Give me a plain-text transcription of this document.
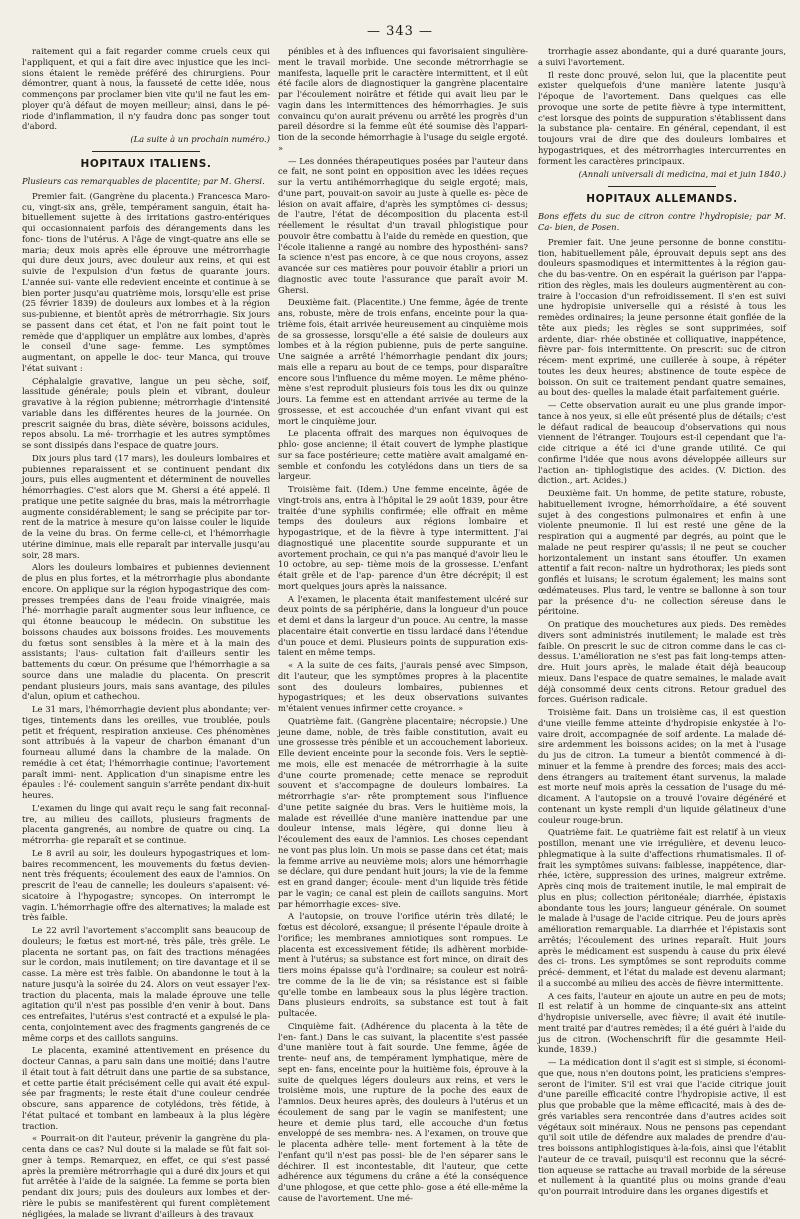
— 343 —

raitement qui a fait regarder comme cruels ceux qui l'appliquent, et qui a fait dire avec injustice que les inci- sions étaient le remède préféré des chirurgiens. Pour démontrer, quant à nous, la fausseté de cette idée, nous commençons par proclamer bien vite qu'il ne faut les em- ployer qu'à défaut de moyen meilleur; ainsi, dans le pé- riode d'inflammation, il n'y faudra donc pas songer tout d'abord.

(La suite à un prochain numéro.)
HOPITAUX ITALIENS.
Plusieurs cas remarquables de placentite; par M. Ghersi.

Premier fait. (Gangrène du placenta.) Francesca Maro- cu, vingt-six ans, grêle, tempérament sanguin, était ha- bituellement sujette à des irritations gastro-entériques qui occasionnaient parfois des dérangements dans les fonc- tions de l'utérus. A l'âge de vingt-quatre ans elle se maria; deux mois après elle éprouve une métrorrhagie qui dure deux jours, avec douleur aux reins, et qui est suivie de l'expulsion d'un fœtus de quarante jours. L'année sui- vante elle redevient enceinte et continue à se bien porter jusqu'au quatrième mois, lorsqu'elle est prise (25 février 1839) de douleurs aux lombes et à la région sus-pubienne, et bientôt après de métrorrhagie. Six jours se passent dans cet état, et l'on ne fait point tout le remède que d'appliquer un emplâtre aux lombes, d'après le conseil d'une sage- femme. Les symptômes augmentant, on appelle le doc- teur Manca, qui trouve l'état suivant :

Céphalalgie gravative, langue un peu sèche, soif, lassitude générale; pouls plein et vibrant, douleur gravative à la région pubienne; métrorrhagie d'intensité variable dans les différentes heures de la journée. On prescrit saignée du bras, diète sévère, boissons acidules, repos absolu. La mé- trorrhagie et les autres symptômes se sont dissipés dans l'espace de quatre jours.

Dix jours plus tard (17 mars), les douleurs lombaires et pubiennes reparaissent et se continuent pendant dix jours, puis elles augmentent et déterminent de nouvelles hémorrhagies. C'est alors que M. Ghersi a été appelé. Il pratique une petite saignée du bras, mais la métrorrhagie augmente considérablement; le sang se précipite par tor- rent de la matrice à mesure qu'on laisse couler le liquide de la veine du bras. On ferme celle-ci, et l'hémorrhagie utérine diminue, mais elle reparaît par intervalle jusqu'au soir, 28 mars.

Alors les douleurs lombaires et pubiennes deviennent de plus en plus fortes, et la métrorrhagie plus abondante encore. On applique sur la région hypogastrique des com- presses trempées dans de l'eau froide vinaigrée, mais l'hé- morrhagie paraît augmenter sous leur influence, ce qui étonne beaucoup le médecin. On substitue les boissons chaudes aux boissons froides. Les mouvements du fœtus sont sensibles à la mère et à la main des assistants; l'aus- cultation fait d'ailleurs sentir les battements du cœur. On présume que l'hémorrhagie a sa source dans une maladie du placenta. On prescrit pendant plusieurs jours, mais sans avantage, des pilules d'alun, opium et cathechou.

Le 31 mars, l'hémorrhagie devient plus abondante; ver- tiges, tintements dans les oreilles, vue troublée, pouls petit et fréquent, respiration anxieuse. Ces phénomènes sont attribués à la vapeur de charbon émanant d'un fourneau allumé dans la chambre de la malade. On remédie à cet état; l'hémorrhagie continue; l'avortement paraît immi- nent. Application d'un sinapisme entre les épaules : l'é- coulement sanguin s'arrête pendant dix-huit heures.

L'examen du linge qui avait reçu le sang fait reconnaî- tre, au milieu des caillots, plusieurs fragments de placenta gangrenés, au nombre de quatre ou cinq. La métrorrha- gie reparaît et se continue.

Le 8 avril au soir, les douleurs hypogastriques et lom- baires recommencent, les mouvements du fœtus devien- nent très fréquents; écoulement des eaux de l'amnios. On prescrit de l'eau de cannelle; les douleurs s'apaisent: vé- sicatoire à l'hypogastre; syncopes. On interrompt le vagin. L'hémorrhagie offre des alternatives; la malade est très faible.

Le 22 avril l'avortement s'accomplit sans beaucoup de douleurs; le fœtus est mort-né, très pâle, très grêle. Le placenta ne sortant pas, on fait des tractions ménagées sur le cordon, mais inutilement; on tire davantage et il se casse. La mère est très faible. On abandonne le tout à la nature jusqu'à la soirée du 24. Alors on veut essayer l'ex- traction du placenta, mais la malade éprouve une telle agitation qu'il n'est pas possible d'en venir à bout. Dans ces entrefaites, l'utérus s'est contracté et a expulsé le pla- centa, conjointement avec des fragments gangrenés de ce même corps et des caillots sanguins.

Le placenta, examiné attentivement en présence du docteur Cannas, a paru sain dans une moitié; dans l'autre il était tout à fait détruit dans une partie de sa substance, et cette partie était précisément celle qui avait été expul- sée par fragments; le reste était d'une couleur cendrée obscure, sans apparence de cotylédons, très fétide, à l'état pultacé et tombant en lambeaux à la plus légère traction.

« Pourrait-on dit l'auteur, prévenir la gangrène du pla- centa dans ce cas? Nul doute si la malade se fût fait soi- gner à temps. Remarquez, en effet, ce qui s'est passé après la première métrorrhagie qui a duré dix jours et qui fut arrêtée à l'aide de la saignée. La femme se porta bien pendant dix jours; puis des douleurs aux lombes et der- rière le pubis se manifestèrent qui furent complètement négligées, la malade se livrant d'ailleurs à des travaux

pénibles et à des influences qui favorisaient singulière- ment le travail morbide. Une seconde métrorrhagie se manifesta, laquelle prit le caractère intermittent, et il eût été facile alors de diagnostiquer la gangrène placentaire par l'écoulement noirâtre et fétide qui avait lieu par le vagin dans les intermittences des hémorrhagies. Je suis convaincu qu'on aurait prévenu ou arrêté les progrès d'un pareil désordre si la femme eût été soumise dès l'appari- tion de la seconde hémorrhagie à l'usage du seigle ergoté. »

— Les données thérapeutiques posées par l'auteur dans ce fait, ne sont point en opposition avec les idées reçues sur la vertu antihémorrhagique du seigle ergoté; mais, d'une part, pouvait-on savoir au juste à quelle es- pèce de lésion on avait affaire, d'après les symptômes ci- dessus; de l'autre, l'état de décomposition du placenta est-il réellement le résultat d'un travail phlogistique pour pouvoir être combattu à l'aide du remède en question, que l'école italienne a rangé au nombre des hyposthéni- sans? Ia science n'est pas encore, à ce que nous croyons, assez avancée sur ces matières pour pouvoir établir a priori un diagnostic avec toute l'assurance que paraît avoir M. Ghersi.

Deuxième fait. (Placentite.) Une femme, âgée de trente ans, robuste, mère de trois enfans, enceinte pour la qua- trième fois, était arrivée heureusement au cinquième mois de sa grossesse, lorsqu'elle a été saisie de douleurs aux lombes et à la région pubienne, puis de perte sanguine. Une saignée a arrêté l'hémorrhagie pendant dix jours; mais elle a reparu au bout de ce temps, pour disparaître encore sous l'influence du même moyen. Le même phéno- mène s'est reproduit plusieurs fois tous les dix ou quinze jours. La femme est en attendant arrivée au terme de la grossesse, et est accouchée d'un enfant vivant qui est mort le cinquième jour.

Le placenta offrait des marques non équivoques de phlo- gose ancienne; il était couvert de lymphe plastique sur sa face postérieure; cette matière avait amalgamé en- semble et confondu les cotylédons dans un tiers de sa largeur.

Troisième fait. (Idem.) Une femme enceinte, âgée de vingt-trois ans, entra à l'hôpital le 29 août 1839, pour être traitée d'une syphilis confirmée; elle offrait en même temps des douleurs aux régions lombaire et hypogastrique, et de la fièvre à type intermittent. J'ai diagnostiqué une placentite sourde suppurante et un avortement prochain, ce qui n'a pas manqué d'avoir lieu le 10 octobre, au sep- tième mois de la grossesse. L'enfant était grêle et de l'ap- parence d'un être décrépit; il est mort quelques jours après la naissance.

A l'examen, le placenta était manifestement ulcéré sur deux points de sa périphérie, dans la longueur d'un pouce et demi et dans la largeur d'un pouce. Au centre, la masse placentaire était convertie en tissu lardacé dans l'étendue d'un pouce et demi. Plusieurs points de suppuration exis- taient en même temps.

« A la suite de ces faits, j'aurais pensé avec Simpson, dit l'auteur, que les symptômes propres à la placentite sont des douleurs lombaires, pubiennes et hypogastriques; et les deux observations suivantes m'étaient venues infirmer cette croyance. »

Quatrième fait. (Gangrène placentaire; nécropsie.) Une jeune dame, noble, de très faible constitution, avait eu une grossesse très pénible et un accouchement laborieux. Elle devient enceinte pour la seconde fois. Vers le septiè- me mois, elle est menacée de métrorrhagie à la suite d'une courte promenade; cette menace se reproduit souvent et s'accompagne de douleurs lombaires. La métrorrhagie s'ar- rête promptement sous l'influence d'une petite saignée du bras. Vers le huitième mois, la malade est réveillée d'une manière inattendue par une douleur intense, mais légère, qui donne lieu à l'écoulement des eaux de l'amnios. Les choses cependant ne vont pas plus loin. Un mois se passe dans cet état; mais la femme arrive au neuvième mois; alors une hémorrhagie se déclare, qui dure pendant huit jours; la vie de la femme est en grand danger; écoule- ment d'un liquide très fétide par le vagin; ce canal est plein de caillots sanguins. Mort par hémorrhagie exces- sive.

A l'autopsie, on trouve l'orifice utérin très dilaté; le fœtus est décoloré, exsangue; il présente l'épaule droite à l'orifice; les membranes amniotiques sont rompues. Le placenta est excessivement fétide; ils adhèrent morbide- ment à l'utérus; sa substance est fort mince, on dirait des tiers moins épaisse qu'à l'ordinaire; sa couleur est noirâ- tre comme de la lie de vin; sa résistance est si faible qu'elle tombe en lambeaux sous la plus légère traction. Dans plusieurs endroits, sa substance est tout à fait pultacée.

Cinquième fait. (Adhérence du placenta à la tête de l'en- fant.) Dans le cas suivant, la placentite s'est passée d'une manière tout à fait sourde. Une femme, âgée de trente- neuf ans, de tempérament lymphatique, mère de sept en- fans, enceinte pour la huitième fois, éprouve à la suite de quelques légers douleurs aux reins, et vers le troisième mois, une rupture de la poche des eaux de l'amnios. Deux heures après, des douleurs à l'utérus et un écoulement de sang par le vagin se manifestent; une heure et demie plus tard, elle accouche d'un fœtus enveloppé de ses membra- nes. A l'examen, on trouve que le placenta adhère telle- ment fortement à la tête de l'enfant qu'il n'est pas possi- ble de l'en séparer sans le déchirer. Il est incontestable, dit l'auteur, que cette adhérence aux tégumens du crâne a été la conséquence d'une phlogose, et que cette phlo- gose a été elle-même la cause de l'avortement. Une mé-

trorrhagie assez abondante, qui a duré quarante jours, a suivi l'avortement.

Il reste donc prouvé, selon lui, que la placentite peut exister quelquefois d'une manière latente jusqu'à l'époque de l'avortement. Dans quelques cas elle provoque une sorte de petite fièvre à type intermittent, c'est lorsque des points de suppuration s'établissent dans la substance pla- centaire. En général, cependant, il est toujours vrai de dire que des douleurs lombaires et hypogastriques, et des métrorrhagies intercurrentes en forment les caractères principaux.

(Annali universali di medicina, mai et juin 1840.)
HOPITAUX ALLEMANDS.
Bons effets du suc de citron contre l'hydropisie; par M. Ca- bien, de Posen.

Premier fait. Une jeune personne de bonne constitu- tion, habituellement pâle, éprouvait depuis sept ans des douleurs spasmodiques et intermittentes à la région gau- che du bas-ventre. On en espérait la guérison par l'appa- rition des règles, mais les douleurs augmentèrent au con- traire à l'occasion d'un refroidissement. Il s'en est suivi une hydropisie universelle qui a résisté à tous les remèdes ordinaires; la jeune personne était gonflée de la tête aux pieds; les règles se sont supprimées, soif ardente, diar- rhée obstinée et colliquative, inappétence, fièvre par- fois intermittente. On prescrit: suc de citron récem- ment exprimé, une cuillerée à soupe, à répéter toutes les deux heures; abstinence de toute espèce de boisson. On suit ce traitement pendant quatre semaines, au bout des- quelles la malade était parfaitement guérie.

— Cette observation aurait eu une plus grande impor- tance à nos yeux, si elle eût présenté plus de détails; c'est le défaut radical de beaucoup d'observations qui nous viennent de l'étranger. Toujours est-il cependant que l'a- cide citrique a été ici d'une grande utilité. Ce qui confirme l'idée que nous avons développée ailleurs sur l'action an- tiphlogistique des acides. (V. Diction. des diction., art. Acides.)

Deuxième fait. Un homme, de petite stature, robuste, habituellement ivrogne, hémorrhoïdaire, a été souvent sujet à des congestions pulmonaires et enfin à une violente pneumonie. Il lui est resté une gêne de la respiration qui a augmenté par degrés, au point que le malade ne peut respirer qu'assis; il ne peut se coucher horizontalement un instant sans étouffer. Un examen attentif a fait recon- naître un hydrothorax; les pieds sont gonflés et luisans; le scrotum également; les mains sont œdémateuses. Plus tard, le ventre se ballonne à son tour par la présence d'u- ne collection séreuse dans le péritoine.

On pratique des mouchetures aux pieds. Des remèdes divers sont administrés inutilement; le malade est très faible. On prescrit le suc de citron comme dans le cas ci- dessus. L'amélioration ne s'est pas fait long-temps atten- dre. Huit jours après, le malade était déjà beaucoup mieux. Dans l'espace de quatre semaines, le malade avait déjà consommé deux cents citrons. Retour graduel des forces. Guérison radicale.

Troisième fait. Dans un troisième cas, il est question d'une vieille femme atteinte d'hydropisie enkystée à l'o- vaire droit, accompagnée de soif ardente. La malade dé- sire ardemment les boissons acides; on la met à l'usage du jus de citron. La tumeur a bientôt commencé à di- minuer et la femme à prendre des forces; mais des acci- dens étrangers au traitement étant survenus, la malade est morte neuf mois après la cessation de l'usage du mé- dicament. A l'autopsie on a trouvé l'ovaire dégénéré et contenant un kyste rempli d'un liquide gélatineux d'une couleur rouge-brun.

Quatrième fait. Le quatrième fait est relatif à un vieux postillon, menant une vie irrégulière, et devenu leuco- phlegmatique à la suite d'affections rhumatismales. Il of- frait les symptômes suivans: faiblesse, inappétence, diar- rhée, ictère, suppression des urines, maigreur extrême. Après cinq mois de traitement inutile, le mal empirait de plus en plus; collection péritonéale; diarrhée, épistaxis abondante tous les jours; langueur générale. On soumet le malade à l'usage de l'acide citrique. Peu de jours après amélioration remarquable. La diarrhée et l'épistaxis sont arrêtés; l'écoulement des urines reparaît. Huit jours après le médicament est suspendu à cause du prix élevé des ci- trons. Les symptômes se sont reproduits comme précé- demment, et l'état du malade est devenu alarmant; il a succombé au milieu des accès de fièvre intermittente.

A ces faits, l'auteur en ajoute un autre en peu de mots; Il est relatif à un homme de cinquante-six ans atteint d'hydropisie universelle, avec fièvre; il avait été inutile- ment traité par d'autres remèdes; il a été guéri à l'aide du jus de citron. (Wochenschrift für die gesammte Heil- kunde, 1839.)

— La médication dont il s'agit est si simple, si économi- que que, nous n'en doutons point, les praticiens s'empres- seront de l'imiter. S'il est vrai que l'acide citrique jouit d'une pareille efficacité contre l'hydropisie active, il est plus que probable que la même efficacité, mais à des de- grés variables sera rencontrée dans d'autres acides soit végétaux soit minéraux. Nous ne pensons pas cependant qu'il soit utile de défendre aux malades de prendre d'au- tres boissons antiphlogistiques à-la-fois, ainsi que l'établit l'auteur de ce travail, puisqu'il est reconnu que la sécré- tion aqueuse se rattache au travail morbide de la séreuse et nullement à la quantité plus ou moins grande d'eau qu'on pourrait introduire dans les organes digestifs et
